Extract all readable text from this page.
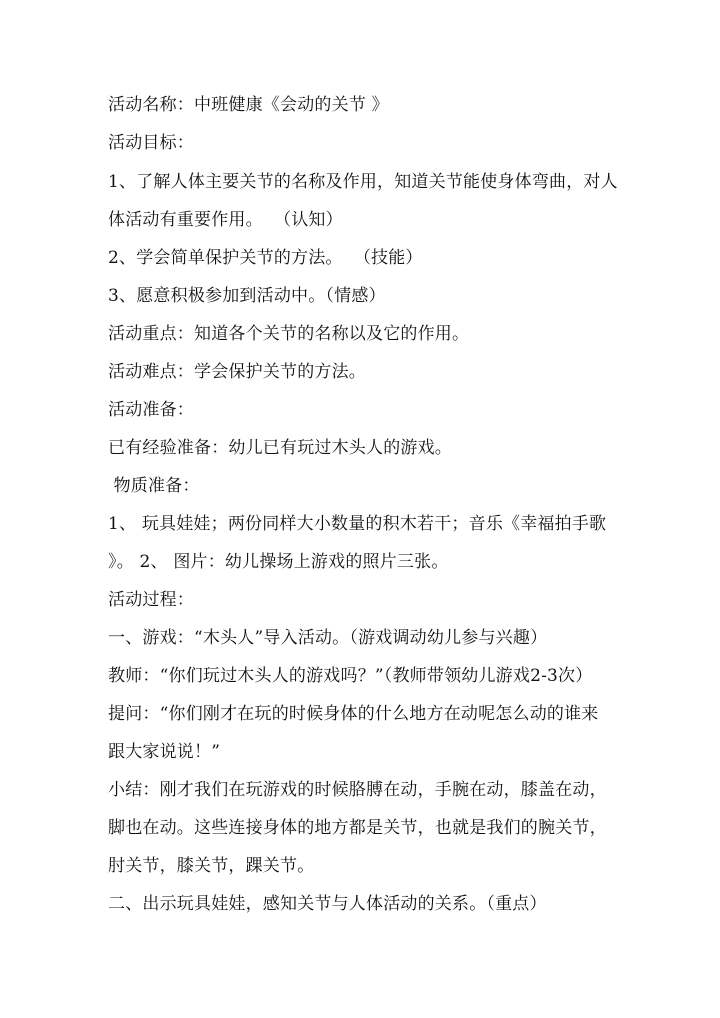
活动名称：中班健康《会动的关节 》
活动目标：
1、了解人体主要关节的名称及作用，知道关节能使身体弯曲，对人
体活动有重要作用。  （认知）
2、学会简单保护关节的方法。  （技能）
3、愿意积极参加到活动中。（情感）
活动重点：知道各个关节的名称以及它的作用。
活动难点：学会保护关节的方法。
活动准备：
已有经验准备：幼儿已有玩过木头人的游戏。
物质准备：
1、 玩具娃娃；两份同样大小数量的积木若干；音乐《幸福拍手歌
》。 2、 图片：幼儿操场上游戏的照片三张。
活动过程：
一、游戏：“木头人”导入活动。（游戏调动幼儿参与兴趣）
教师：“你们玩过木头人的游戏吗？”（教师带领幼儿游戏2-3次）
提问：“你们刚才在玩的时候身体的什么地方在动呢怎么动的谁来
跟大家说说！”
小结：刚才我们在玩游戏的时候胳膊在动，手腕在动，膝盖在动，
脚也在动。这些连接身体的地方都是关节，也就是我们的腕关节，
肘关节，膝关节，踝关节。
二、出示玩具娃娃，感知关节与人体活动的关系。（重点）
